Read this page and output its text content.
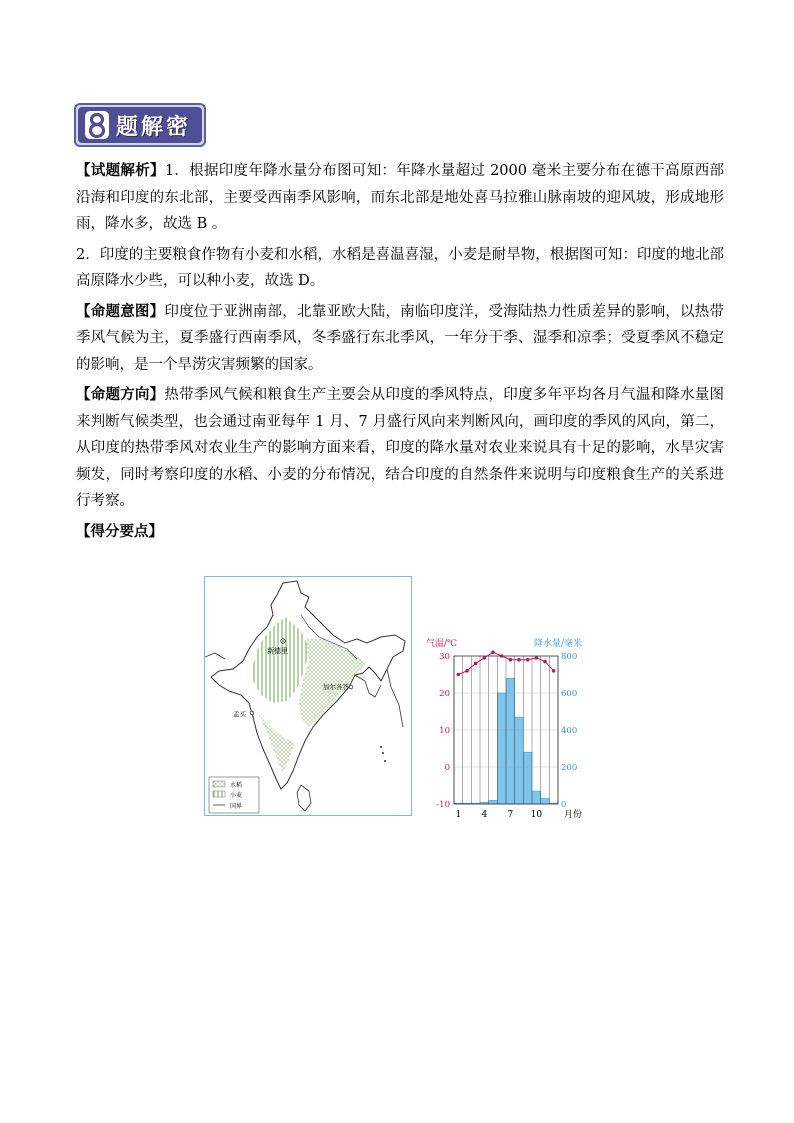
题解密

【试题解析】1．根据印度年降水量分布图可知：年降水量超过 2000 毫米主要分布在德干高原西部沿海和印度的东北部，主要受西南季风影响，而东北部是地处喜马拉雅山脉南坡的迎风坡，形成地形雨，降水多，故选 B 。

2．印度的主要粮食作物有小麦和水稻，水稻是喜温喜湿，小麦是耐旱物，根据图可知：印度的地北部高原降水少些，可以种小麦，故选 D。

【命题意图】印度位于亚洲南部，北靠亚欧大陆，南临印度洋，受海陆热力性质差异的影响，以热带季风气候为主，夏季盛行西南季风，冬季盛行东北季风，一年分干季、湿季和凉季；受夏季风不稳定的影响，是一个旱涝灾害频繁的国家。

【命题方向】热带季风气候和粮食生产主要会从印度的季风特点，印度多年平均各月气温和降水量图来判断气候类型，也会通过南亚每年 1 月、7 月盛行风向来判断风向，画印度的季风的风向，第二，从印度的热带季风对农业生产的影响方面来看，印度的降水量对农业来说具有十足的影响，水旱灾害频发，同时考察印度的水稻、小麦的分布情况，结合印度的自然条件来说明与印度粮食生产的关系进行考察。

【得分要点】

新德里
加尔各答
孟买
水稻
小麦
国界
气温/℃	降水量/毫米
30
20
10
0
-10
800
600
400
200
0
1 4 7 10 月份
